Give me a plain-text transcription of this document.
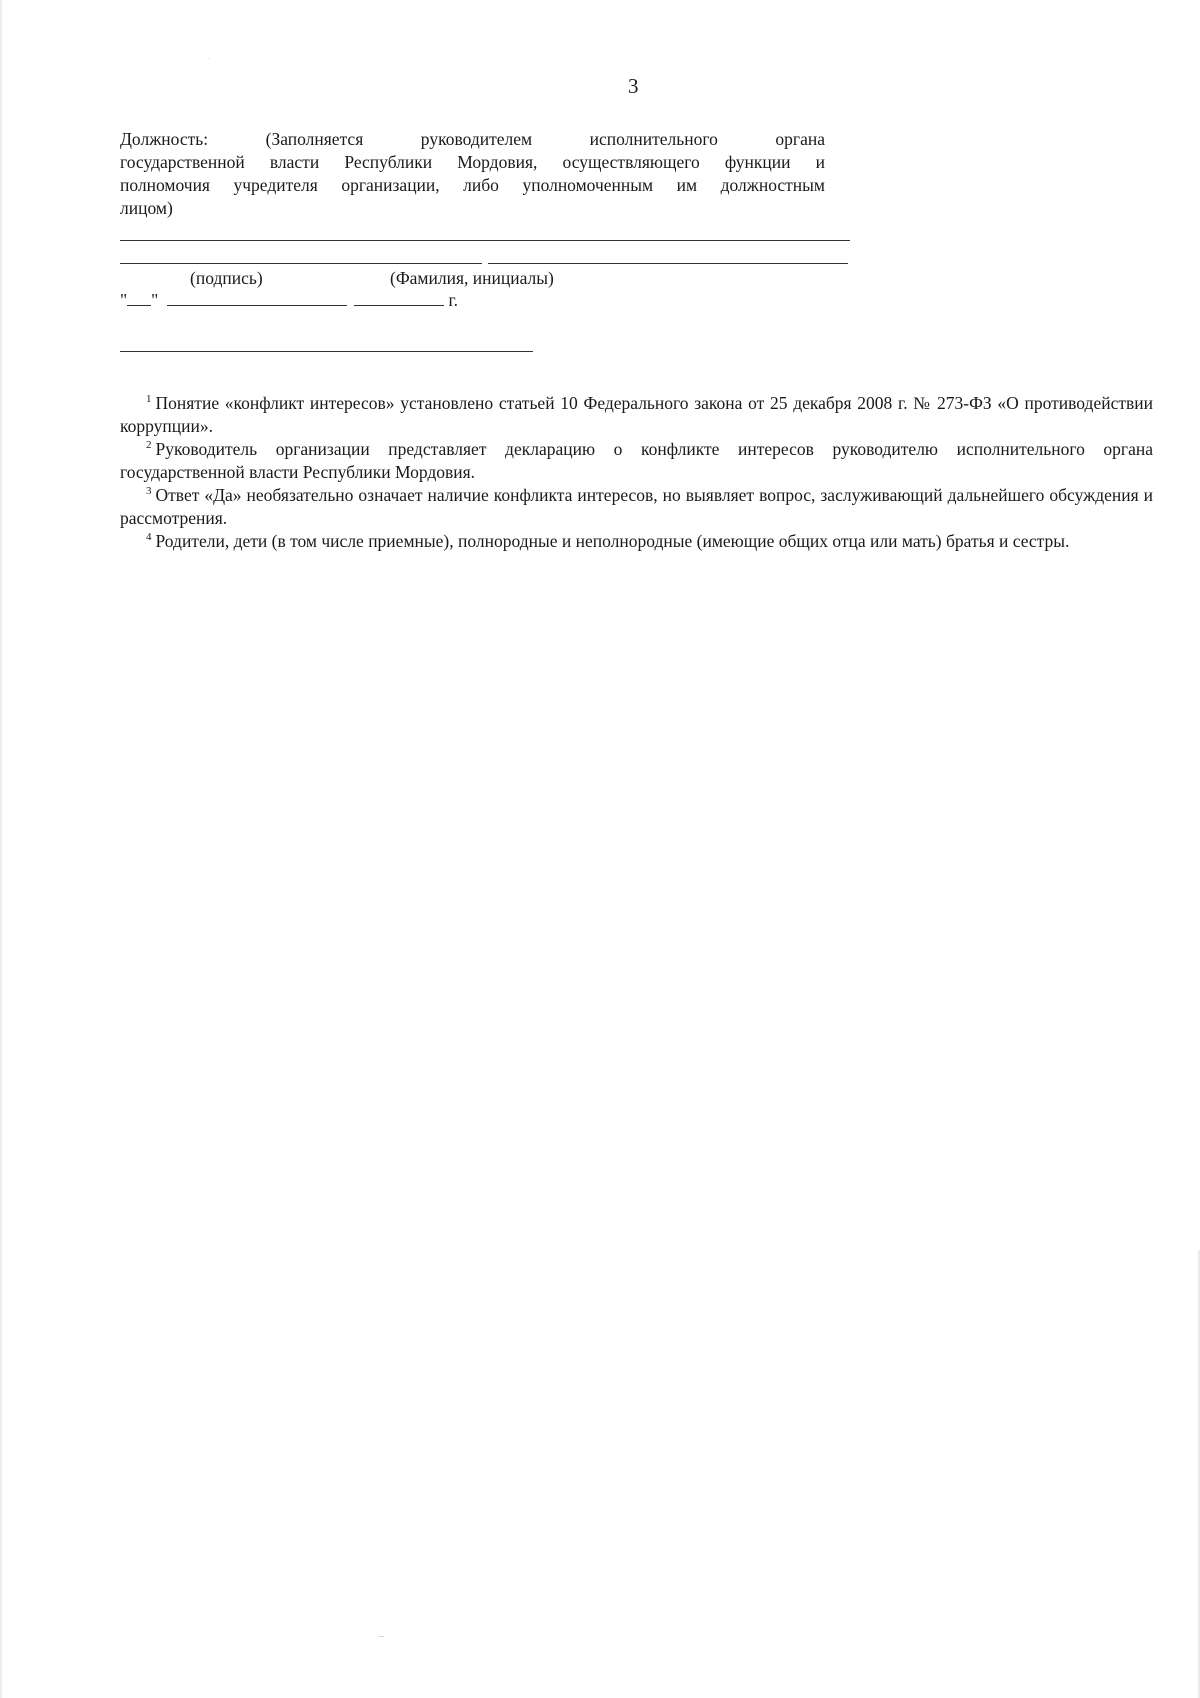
3
Должность: (Заполняется руководителем исполнительного органа
государственной власти Республики Мордовия, осуществляющего функции и
полномочия учредителя организации, либо уполномоченным им должностным
лицом)
(подпись)	(Фамилия, инициалы)
" "	г.

$^1$ Понятие «конфликт интересов» установлено статьей 10 Федерального закона от 25 декабря 2008 г. № 273-ФЗ «О противодействии коррупции».

$^2$ Руководитель организации представляет декларацию о конфликте интересов руководителю исполнительного органа государственной власти Республики Мордовия.

$^3$ Ответ «Да» необязательно означает наличие конфликта интересов, но выявляет вопрос, заслуживающий дальнейшего обсуждения и рассмотрения.

$^4$ Родители, дети (в том числе приемные), полнородные и неполнородные (имеющие общих отца или мать) братья и сестры.
